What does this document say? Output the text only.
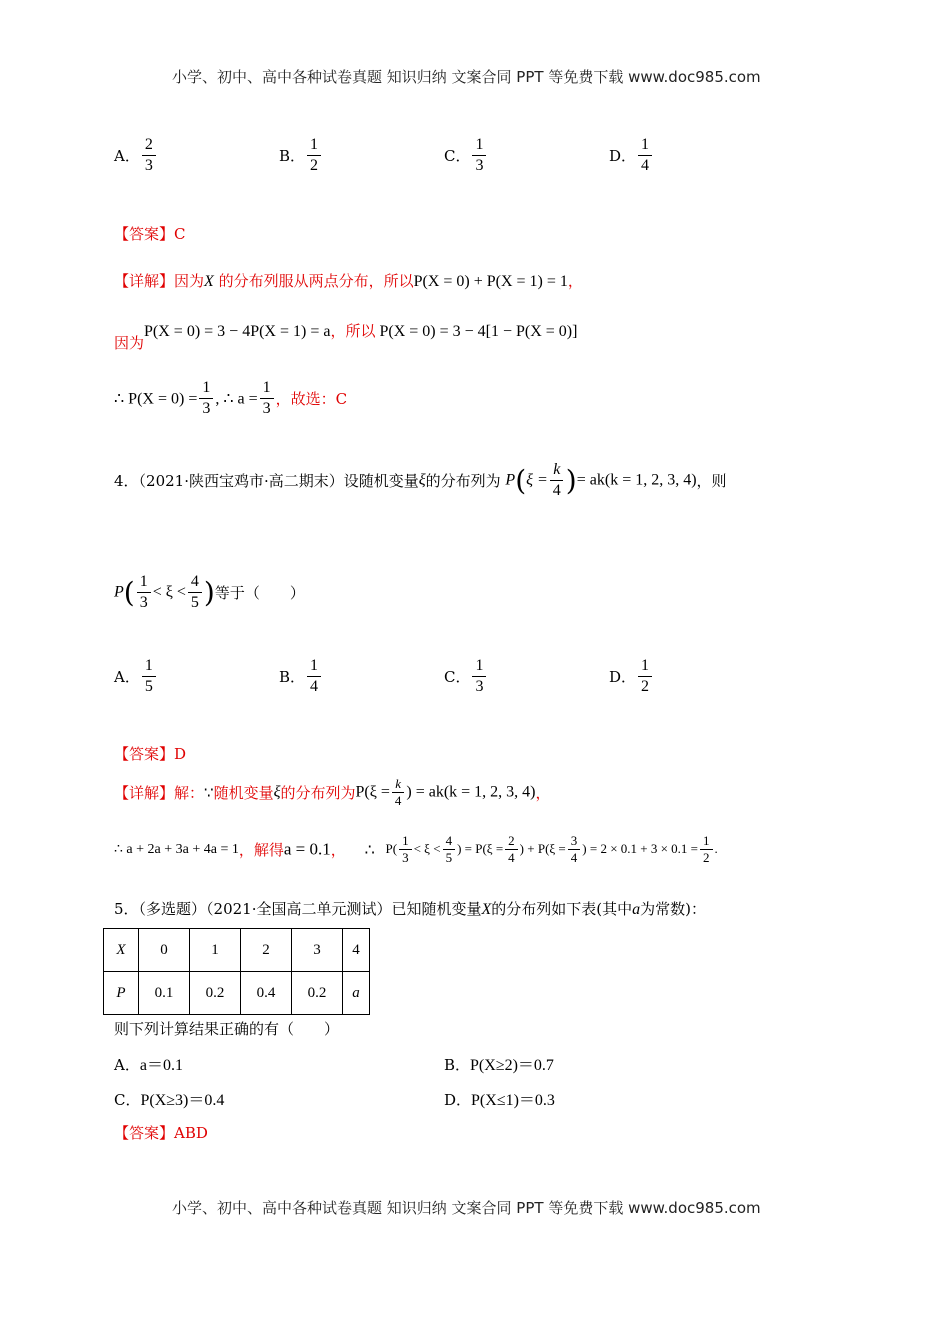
小学、初中、高中各种试卷真题 知识归纳 文案合同 PPT 等免费下载 www.doc985.com
A． $\frac{2}{3}$	B． $\frac{1}{2}$	C． $\frac{1}{3}$	D． $\frac{1}{4}$
【答案】C
【详解】因为X 的分布列服从两点分布，所以P(X = 0) + P(X = 1) = 1，
因为P(X = 0) = 3 − 4P(X = 1) = a，所以 P(X = 0) = 3 − 4[1 − P(X = 0)]
∴ $P(X = 0) = \frac{1}{3}$ , ∴ $a = \frac{1}{3}$ ，故选：C
4．（2021·陕西宝鸡市·高二期末）设随机变量ξ的分布列为 $P(\xi = \frac{k}{4}$ )= ak(k = 1, 2, 3, 4)，则
$P( \frac{1}{3} < \xi < \frac{4}{5}$ )等于（　　）
A． $\frac{1}{5}$	B． $\frac{1}{4}$	C． $\frac{1}{3}$	D． $\frac{1}{2}$
【答案】D
【详解】解：∵随机变量ξ的分布列为$P(\xi = \frac{k}{4}$ ) = ak(k = 1, 2, 3, 4)，
∴ a + 2a + 3a + 4a = 1，解得a = 0.1， ∴ $P( \frac{1}{3} < \xi < \frac{4}{5}$ ) = $P(\xi = \frac{2}{4}$ ) + $P(\xi = \frac{3}{4}$ ) = $2 \times 0.1 + 3 \times 0.1 = \frac{1}{2}$ .
5．（多选题）（2021·全国高二单元测试）已知随机变量X的分布列如下表(其中a为常数)：
X	0	1	2	3	4
P	0.1	0.2	0.4	0.2	a
则下列计算结果正确的有（　　）
A．a＝0.1	B．P(X≥2)＝0.7
C．P(X≥3)＝0.4	D．P(X≤1)＝0.3
【答案】ABD
小学、初中、高中各种试卷真题 知识归纳 文案合同 PPT 等免费下载 www.doc985.com
